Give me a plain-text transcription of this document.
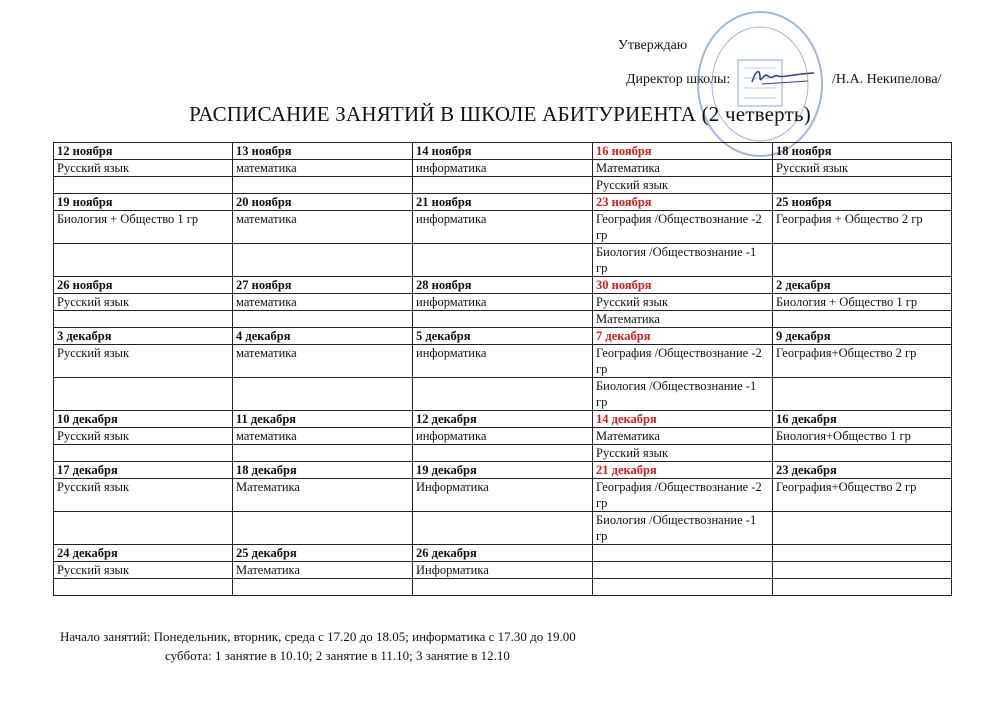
Утверждаю
Директор школы:	/Н.А. Некипелова/
РАСПИСАНИЕ ЗАНЯТИЙ В ШКОЛЕ АБИТУРИЕНТА (2 четверть)
12 ноября	13 ноября	14 ноября	16 ноября	18 ноября
Русский язык	математика	информатика	Математика	Русский язык
			Русский язык	
19 ноября	20 ноября	21 ноября	23 ноября	25 ноября
Биология + Общество 1 гр	математика	информатика	География /Обществознание -2 гр	География + Общество 2 гр
			Биология /Обществознание -1 гр	
26 ноября	27 ноября	28 ноября	30 ноября	2 декабря
Русский язык	математика	информатика	Русский язык	Биология + Общество 1 гр
			Математика	
3 декабря	4 декабря	5 декабря	7 декабря	9 декабря
Русский язык	математика	информатика	География /Обществознание -2 гр	География+Общество 2 гр
			Биология /Обществознание -1 гр	
10 декабря	11 декабря	12 декабря	14 декабря	16 декабря
Русский язык	математика	информатика	Математика	Биология+Общество 1 гр
			Русский язык	
17 декабря	18 декабря	19 декабря	21 декабря	23 декабря
Русский язык	Математика	Информатика	География /Обществознание -2 гр	География+Общество 2 гр
			Биология /Обществознание -1 гр	
24 декабря	25 декабря	26 декабря		
Русский язык	Математика	Информатика		

Начало занятий: Понедельник, вторник, среда с 17.20 до 18.05; информатика с 17.30 до 19.00
суббота: 1 занятие в 10.10; 2 занятие в 11.10; 3 занятие в 12.10
